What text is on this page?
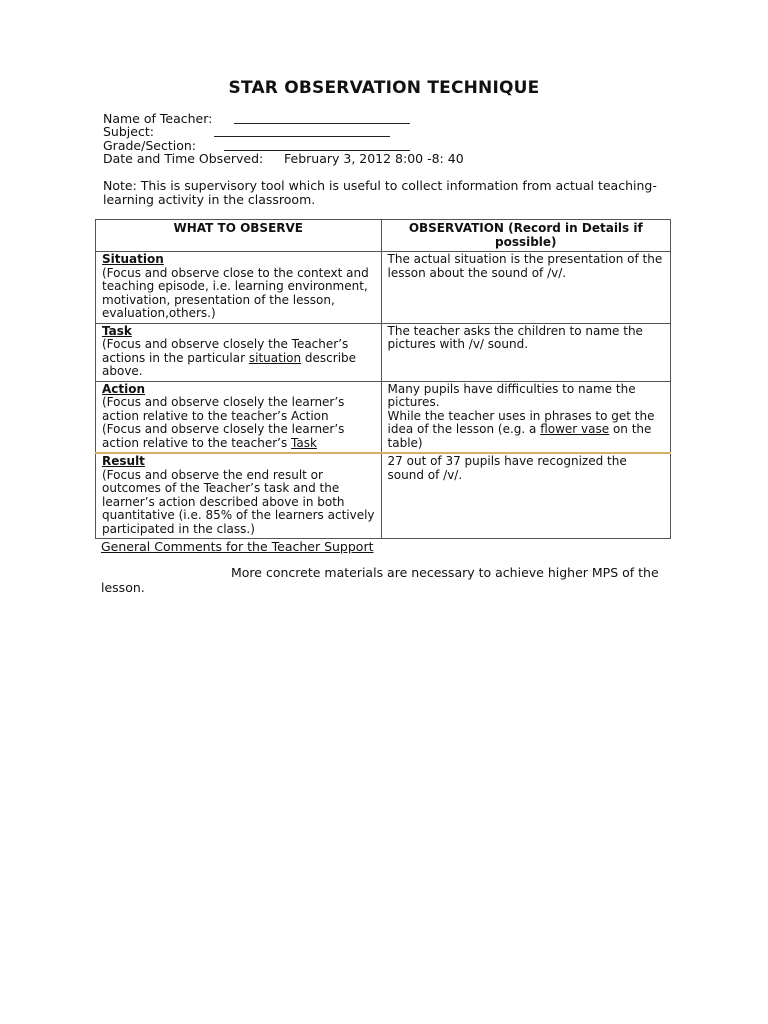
STAR OBSERVATION TECHNIQUE
Name of Teacher:
Subject:
Grade/Section:
Date and Time Observed: February 3, 2012 8:00 -8: 40
Note: This is supervisory tool which is useful to collect information from actual teaching-learning activity in the classroom.
WHAT TO OBSERVE	OBSERVATION (Record in Details if possible)

Situation
(Focus and observe close to the context and teaching episode, i.e. learning environment, motivation, presentation of the lesson, evaluation,others.)	The actual situation is the presentation of the lesson about the sound of /v/.

Task
(Focus and observe closely the Teacher’s actions in the particular situation describe above.	The teacher asks the children to name the pictures with /v/ sound.

Action
(Focus and observe closely the learner’s action relative to the teacher’s Action
(Focus and observe closely the learner’s action relative to the teacher’s Task	Many pupils have difficulties to name the pictures.
While the teacher uses in phrases to get the idea of the lesson (e.g. a flower vase on the table)

Result
(Focus and observe the end result or outcomes of the Teacher’s task and the learner’s action described above in both quantitative (i.e. 85% of the learners actively participated in the class.)	27 out of 37 pupils have recognized the sound of /v/.
General Comments for the Teacher Support
More concrete materials are necessary to achieve higher MPS of the lesson.
